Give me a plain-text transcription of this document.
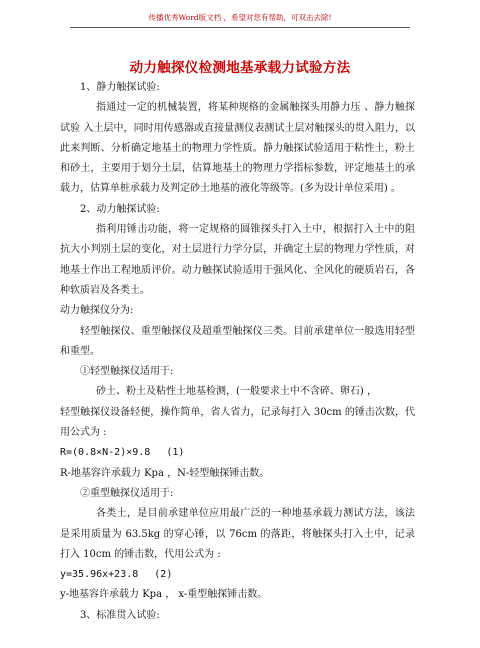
传播优秀Word版文档 ，希望对您有帮助，可双击去除!
动力触探仪检测地基承载力试验方法

1、静力触探试验:

指通过一定的机械装置，将某种规格的金属触探头用静力压 、静力触探试验 入土层中，同时用传感器或直接量测仪表测试土层对触探头的贯入阻力，以此来判断、分析确定地基土的物理力学性质。静力触探试验适用于粘性土，粉土和砂土，主要用于划分土层，估算地基土的物理力学指标参数，评定地基土的承载力，估算单桩承载力及判定砂土地基的液化等级等。(多为设计单位采用) 。

2、动力触探试验:

指利用锤击功能，将一定规格的圆锥探头打入土中，根据打入土中的阻抗大小判别土层的变化，对土层进行力学分层，并确定土层的物理力学性质，对地基土作出工程地质评价。动力触探试验适用于强风化、全风化的硬质岩石，各种软质岩及各类土。

动力触探仪分为:

轻型触探仪、重型触探仪及超重型触探仪三类。目前承建单位一般选用轻型和重型。

①轻型触探仪适用于:

砂土、粉土及粘性土地基检测，(一般要求土中不含碎、卵石) ，

轻型触探仪设备轻便，操作简单，省人省力，记录每打入 30cm 的锤击次数，代用公式为 :

R=(0.8×N-2)×9.8 (1)

R-地基容许承载力 Kpa ，N-轻型触探锤击数。

②重型触探仪适用于:

各类土，是目前承建单位应用最广泛的一种地基承载力测试方法，该法是采用质量为 63.5kg 的穿心锤，以 76cm 的落距，将触探头打入土中，记录打入 10cm 的锤击数，代用公式为 :

y=35.96x+23.8 (2)

y-地基容许承载力 Kpa ， x-重型触探锤击数。

3、标准贯入试验:
